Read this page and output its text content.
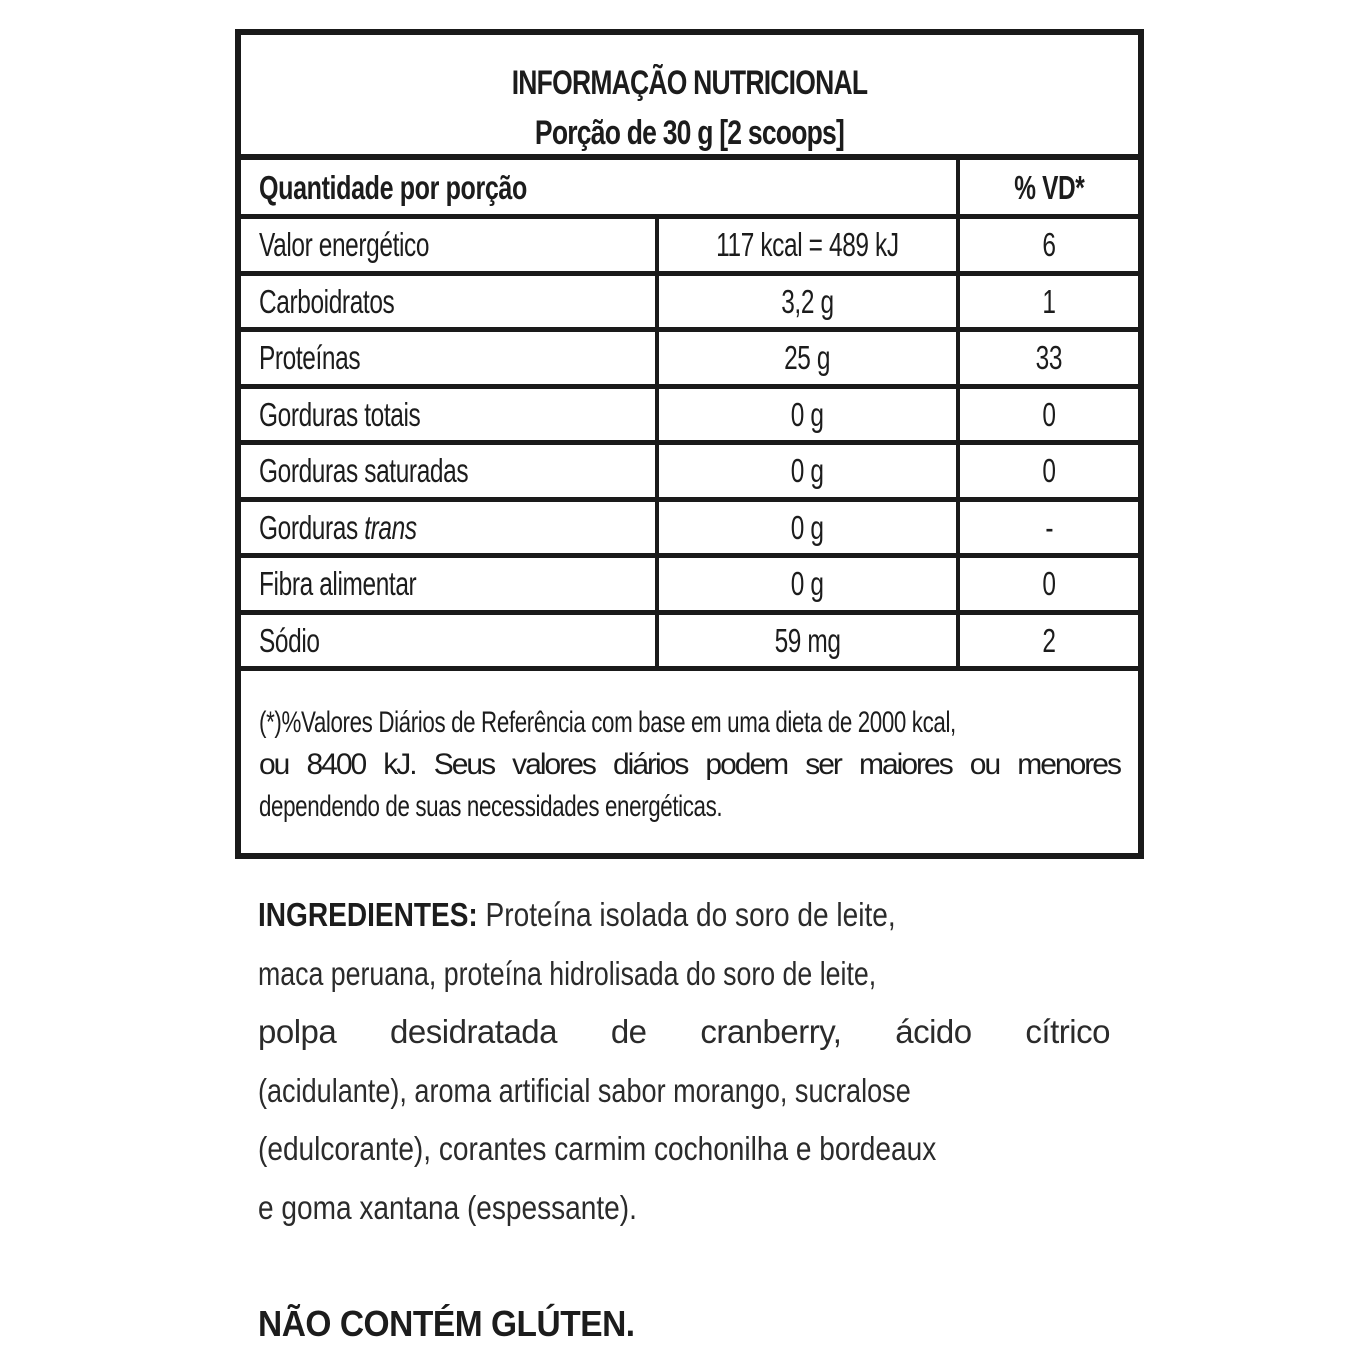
INFORMAÇÃO NUTRICIONAL
Porção de 30 g [2 scoops]
Quantidade por porção	% VD*
Valor energético	117 kcal = 489 kJ	6
Carboidratos	3,2 g	1
Proteínas	25 g	33
Gorduras totais	0 g	0
Gorduras saturadas	0 g	0
Gorduras trans	0 g	-
Fibra alimentar	0 g	0
Sódio	59 mg	2
(*)%Valores Diários de Referência com base em uma dieta de 2000 kcal,
ou 8400 kJ. Seus valores diários podem ser maiores ou menores
dependendo de suas necessidades energéticas.
INGREDIENTES: Proteína isolada do soro de leite,
maca peruana, proteína hidrolisada do soro de leite,
polpa desidratada de cranberry, ácido cítrico
(acidulante), aroma artificial sabor morango, sucralose
(edulcorante), corantes carmim cochonilha e bordeaux
e goma xantana (espessante).
NÃO CONTÉM GLÚTEN.
